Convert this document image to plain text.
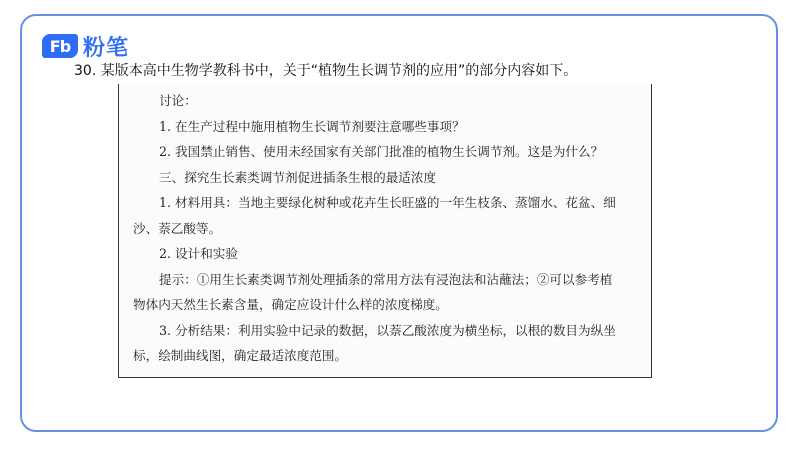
Fb 粉笔
30. 某版本高中生物学教科书中，关于“植物生长调节剂的应用”的部分内容如下。

讨论：

1. 在生产过程中施用植物生长调节剂要注意哪些事项？

2. 我国禁止销售、使用未经国家有关部门批准的植物生长调节剂。这是为什么？

三、探究生长素类调节剂促进插条生根的最适浓度

1. 材料用具：当地主要绿化树种或花卉生长旺盛的一年生枝条、蒸馏水、花盆、细

沙、萘乙酸等。

2. 设计和实验

提示：①用生长素类调节剂处理插条的常用方法有浸泡法和沾蘸法；②可以参考植

物体内天然生长素含量，确定应设计什么样的浓度梯度。

3. 分析结果：利用实验中记录的数据，以萘乙酸浓度为横坐标，以根的数目为纵坐

标，绘制曲线图，确定最适浓度范围。
